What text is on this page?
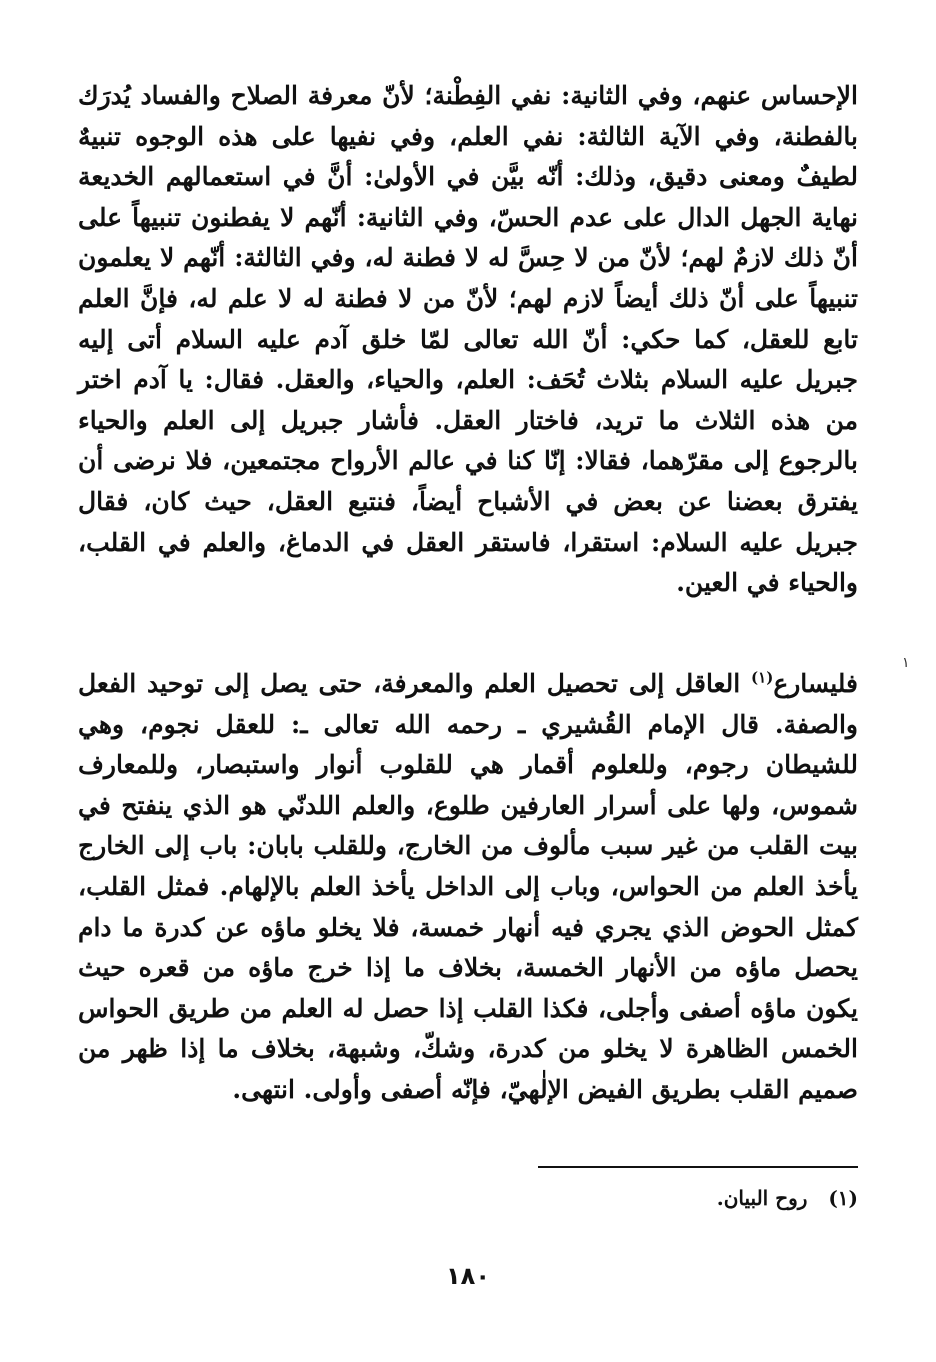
الإحساس عنهم، وفي الثانية: نفي الفِطْنة؛ لأنّ معرفة الصلاح والفساد يُدرَك بالفطنة، وفي الآية الثالثة: نفي العلم، وفي نفيها على هذه الوجوه تنبيهٌ لطيفٌ ومعنى دقيق، وذلك: أنّه بيَّن في الأولىٰ: أنَّ في استعمالهم الخديعة نهاية الجهل الدال على عدم الحسّ، وفي الثانية: أنّهم لا يفطنون تنبيهاً على أنّ ذلك لازمٌ لهم؛ لأنّ من لا حِسَّ له لا فطنة له، وفي الثالثة: أنّهم لا يعلمون تنبيهاً على أنّ ذلك أيضاً لازم لهم؛ لأنّ من لا فطنة له لا علم له، فإنَّ العلم تابع للعقل، كما حكي: أنّ الله تعالى لمّا خلق آدم عليه السلام أتى إليه جبريل عليه السلام بثلاث تُحَف: العلم، والحياء، والعقل. فقال: يا آدم اختر من هذه الثلاث ما تريد، فاختار العقل. فأشار جبريل إلى العلم والحياء بالرجوع إلى مقرّهما، فقالا: إنّا كنا في عالم الأرواح مجتمعين، فلا نرضى أن يفترق بعضنا عن بعض في الأشباح أيضاً، فنتبع العقل، حيث كان، فقال جبريل عليه السلام: استقرا، فاستقر العقل في الدماغ، والعلم في القلب، والحياء في العين.

١

فليسارع$^{(١)}$ العاقل إلى تحصيل العلم والمعرفة، حتى يصل إلى توحيد الفعل والصفة. قال الإمام القُشيري ـ رحمه الله تعالى ـ: للعقل نجوم، وهي للشيطان رجوم، وللعلوم أقمار هي للقلوب أنوار واستبصار، وللمعارف شموس، ولها على أسرار العارفين طلوع، والعلم اللدنّي هو الذي ينفتح في بيت القلب من غير سبب مألوف من الخارج، وللقلب بابان: باب إلى الخارج يأخذ العلم من الحواس، وباب إلى الداخل يأخذ العلم بالإلهام. فمثل القلب، كمثل الحوض الذي يجري فيه أنهار خمسة، فلا يخلو ماؤه عن كدرة ما دام يحصل ماؤه من الأنهار الخمسة، بخلاف ما إذا خرج ماؤه من قعره حيث يكون ماؤه أصفى وأجلى، فكذا القلب إذا حصل له العلم من طريق الحواس الخمس الظاهرة لا يخلو من كدرة، وشكّ، وشبهة، بخلاف ما إذا ظهر من صميم القلب بطريق الفيض الإلٰهيّ، فإنّه أصفى وأولى. انتهى.

(١)   روح البيان.

١٨٠
